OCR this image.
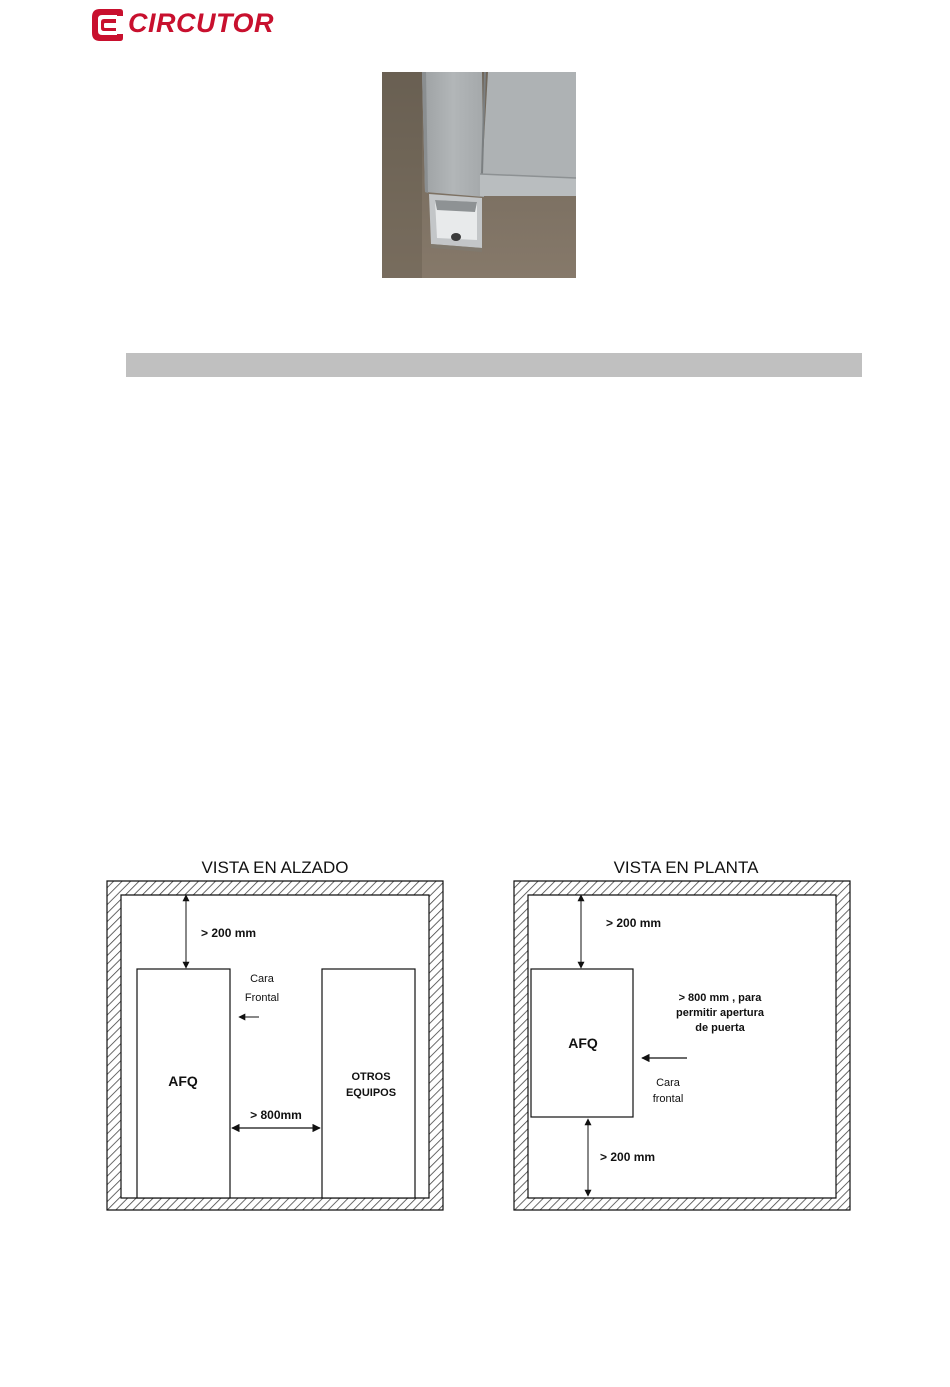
CIRCUTOR
VISTA EN ALZADO
> 200 mm
AFQ
Cara
Frontal
OTROS
EQUIPOS
> 800mm
VISTA EN PLANTA
> 200 mm
AFQ
> 800 mm , para
permitir apertura
de puerta
Cara
frontal
> 200 mm
